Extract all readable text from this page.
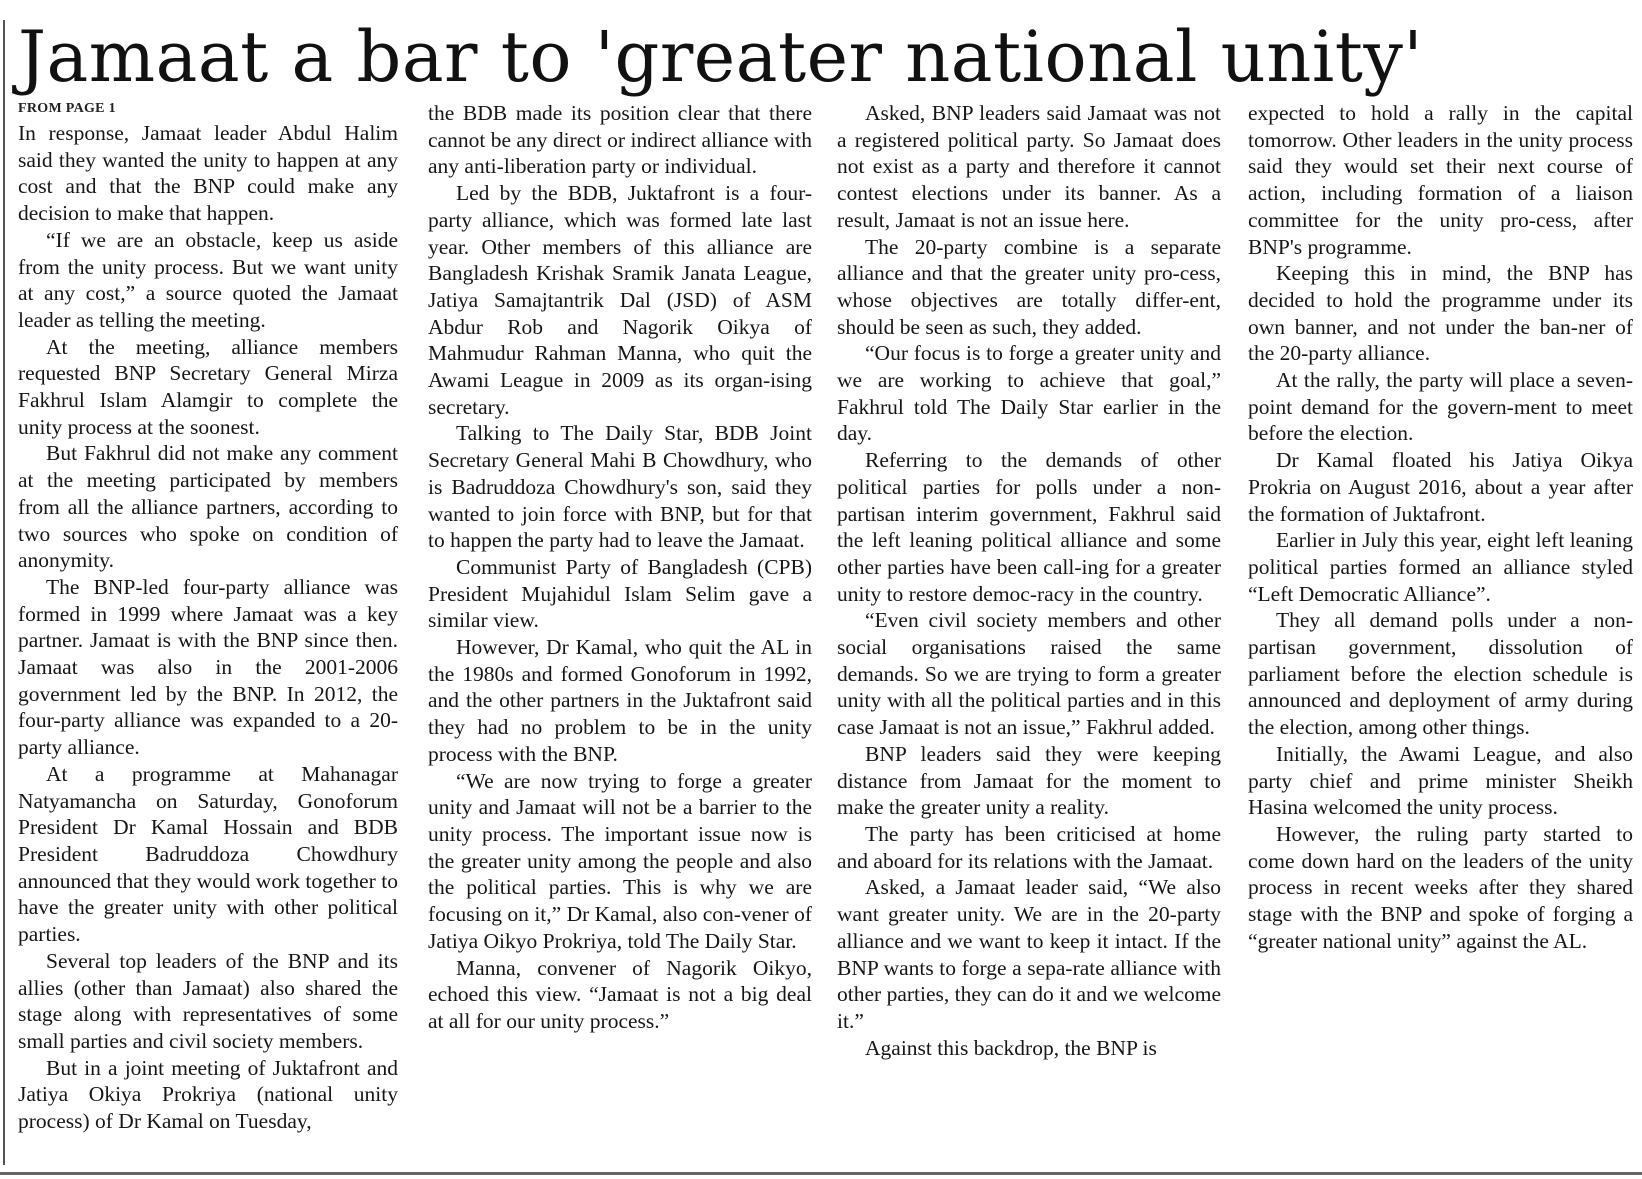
Jamaat a bar to 'greater national unity'
FROM PAGE 1

In response, Jamaat leader Abdul Halim said they wanted the unity to happen at any cost and that the BNP could make any decision to make that happen.

“If we are an obstacle, keep us aside from the unity process. But we want unity at any cost,” a source quoted the Jamaat leader as telling the meeting.

At the meeting, alliance members requested BNP Secretary General Mirza Fakhrul Islam Alamgir to complete the unity process at the soonest.

But Fakhrul did not make any comment at the meeting participated by members from all the alliance partners, according to two sources who spoke on condition of anonymity.

The BNP-led four-party alliance was formed in 1999 where Jamaat was a key partner. Jamaat is with the BNP since then. Jamaat was also in the 2001-2006 government led by the BNP. In 2012, the four-party alliance was expanded to a 20-party alliance.

At a programme at Mahanagar Natyamancha on Saturday, Gonoforum President Dr Kamal Hossain and BDB President Badruddoza Chowdhury announced that they would work together to have the greater unity with other political parties.

Several top leaders of the BNP and its allies (other than Jamaat) also shared the stage along with representatives of some small parties and civil society members.

But in a joint meeting of Juktafront and Jatiya Okiya Prokriya (national unity process) of Dr Kamal on Tuesday,

the BDB made its position clear that there cannot be any direct or indirect alliance with any anti-liberation party or individual.

Led by the BDB, Juktafront is a four-party alliance, which was formed late last year. Other members of this alliance are Bangladesh Krishak Sramik Janata League, Jatiya Samajtantrik Dal (JSD) of ASM Abdur Rob and Nagorik Oikya of Mahmudur Rahman Manna, who quit the Awami League in 2009 as its organ-ising secretary.

Talking to The Daily Star, BDB Joint Secretary General Mahi B Chowdhury, who is Badruddoza Chowdhury's son, said they wanted to join force with BNP, but for that to happen the party had to leave the Jamaat.

Communist Party of Bangladesh (CPB) President Mujahidul Islam Selim gave a similar view.

However, Dr Kamal, who quit the AL in the 1980s and formed Gonoforum in 1992, and the other partners in the Juktafront said they had no problem to be in the unity process with the BNP.

“We are now trying to forge a greater unity and Jamaat will not be a barrier to the unity process. The important issue now is the greater unity among the people and also the political parties. This is why we are focusing on it,” Dr Kamal, also con-vener of Jatiya Oikyo Prokriya, told The Daily Star.

Manna, convener of Nagorik Oikyo, echoed this view. “Jamaat is not a big deal at all for our unity process.”

Asked, BNP leaders said Jamaat was not a registered political party. So Jamaat does not exist as a party and therefore it cannot contest elections under its banner. As a result, Jamaat is not an issue here.

The 20-party combine is a separate alliance and that the greater unity pro-cess, whose objectives are totally differ-ent, should be seen as such, they added.

“Our focus is to forge a greater unity and we are working to achieve that goal,” Fakhrul told The Daily Star earlier in the day.

Referring to the demands of other political parties for polls under a non-partisan interim government, Fakhrul said the left leaning political alliance and some other parties have been call-ing for a greater unity to restore democ-racy in the country.

“Even civil society members and other social organisations raised the same demands. So we are trying to form a greater unity with all the political parties and in this case Jamaat is not an issue,” Fakhrul added.

BNP leaders said they were keeping distance from Jamaat for the moment to make the greater unity a reality.

The party has been criticised at home and aboard for its relations with the Jamaat.

Asked, a Jamaat leader said, “We also want greater unity. We are in the 20-party alliance and we want to keep it intact. If the BNP wants to forge a sepa-rate alliance with other parties, they can do it and we welcome it.”

Against this backdrop, the BNP is

expected to hold a rally in the capital tomorrow. Other leaders in the unity process said they would set their next course of action, including formation of a liaison committee for the unity pro-cess, after BNP's programme.

Keeping this in mind, the BNP has decided to hold the programme under its own banner, and not under the ban-ner of the 20-party alliance.

At the rally, the party will place a seven-point demand for the govern-ment to meet before the election.

Dr Kamal floated his Jatiya Oikya Prokria on August 2016, about a year after the formation of Juktafront.

Earlier in July this year, eight left leaning political parties formed an alliance styled “Left Democratic Alliance”.

They all demand polls under a non-partisan government, dissolution of parliament before the election schedule is announced and deployment of army during the election, among other things.

Initially, the Awami League, and also party chief and prime minister Sheikh Hasina welcomed the unity process.

However, the ruling party started to come down hard on the leaders of the unity process in recent weeks after they shared stage with the BNP and spoke of forging a “greater national unity” against the AL.
